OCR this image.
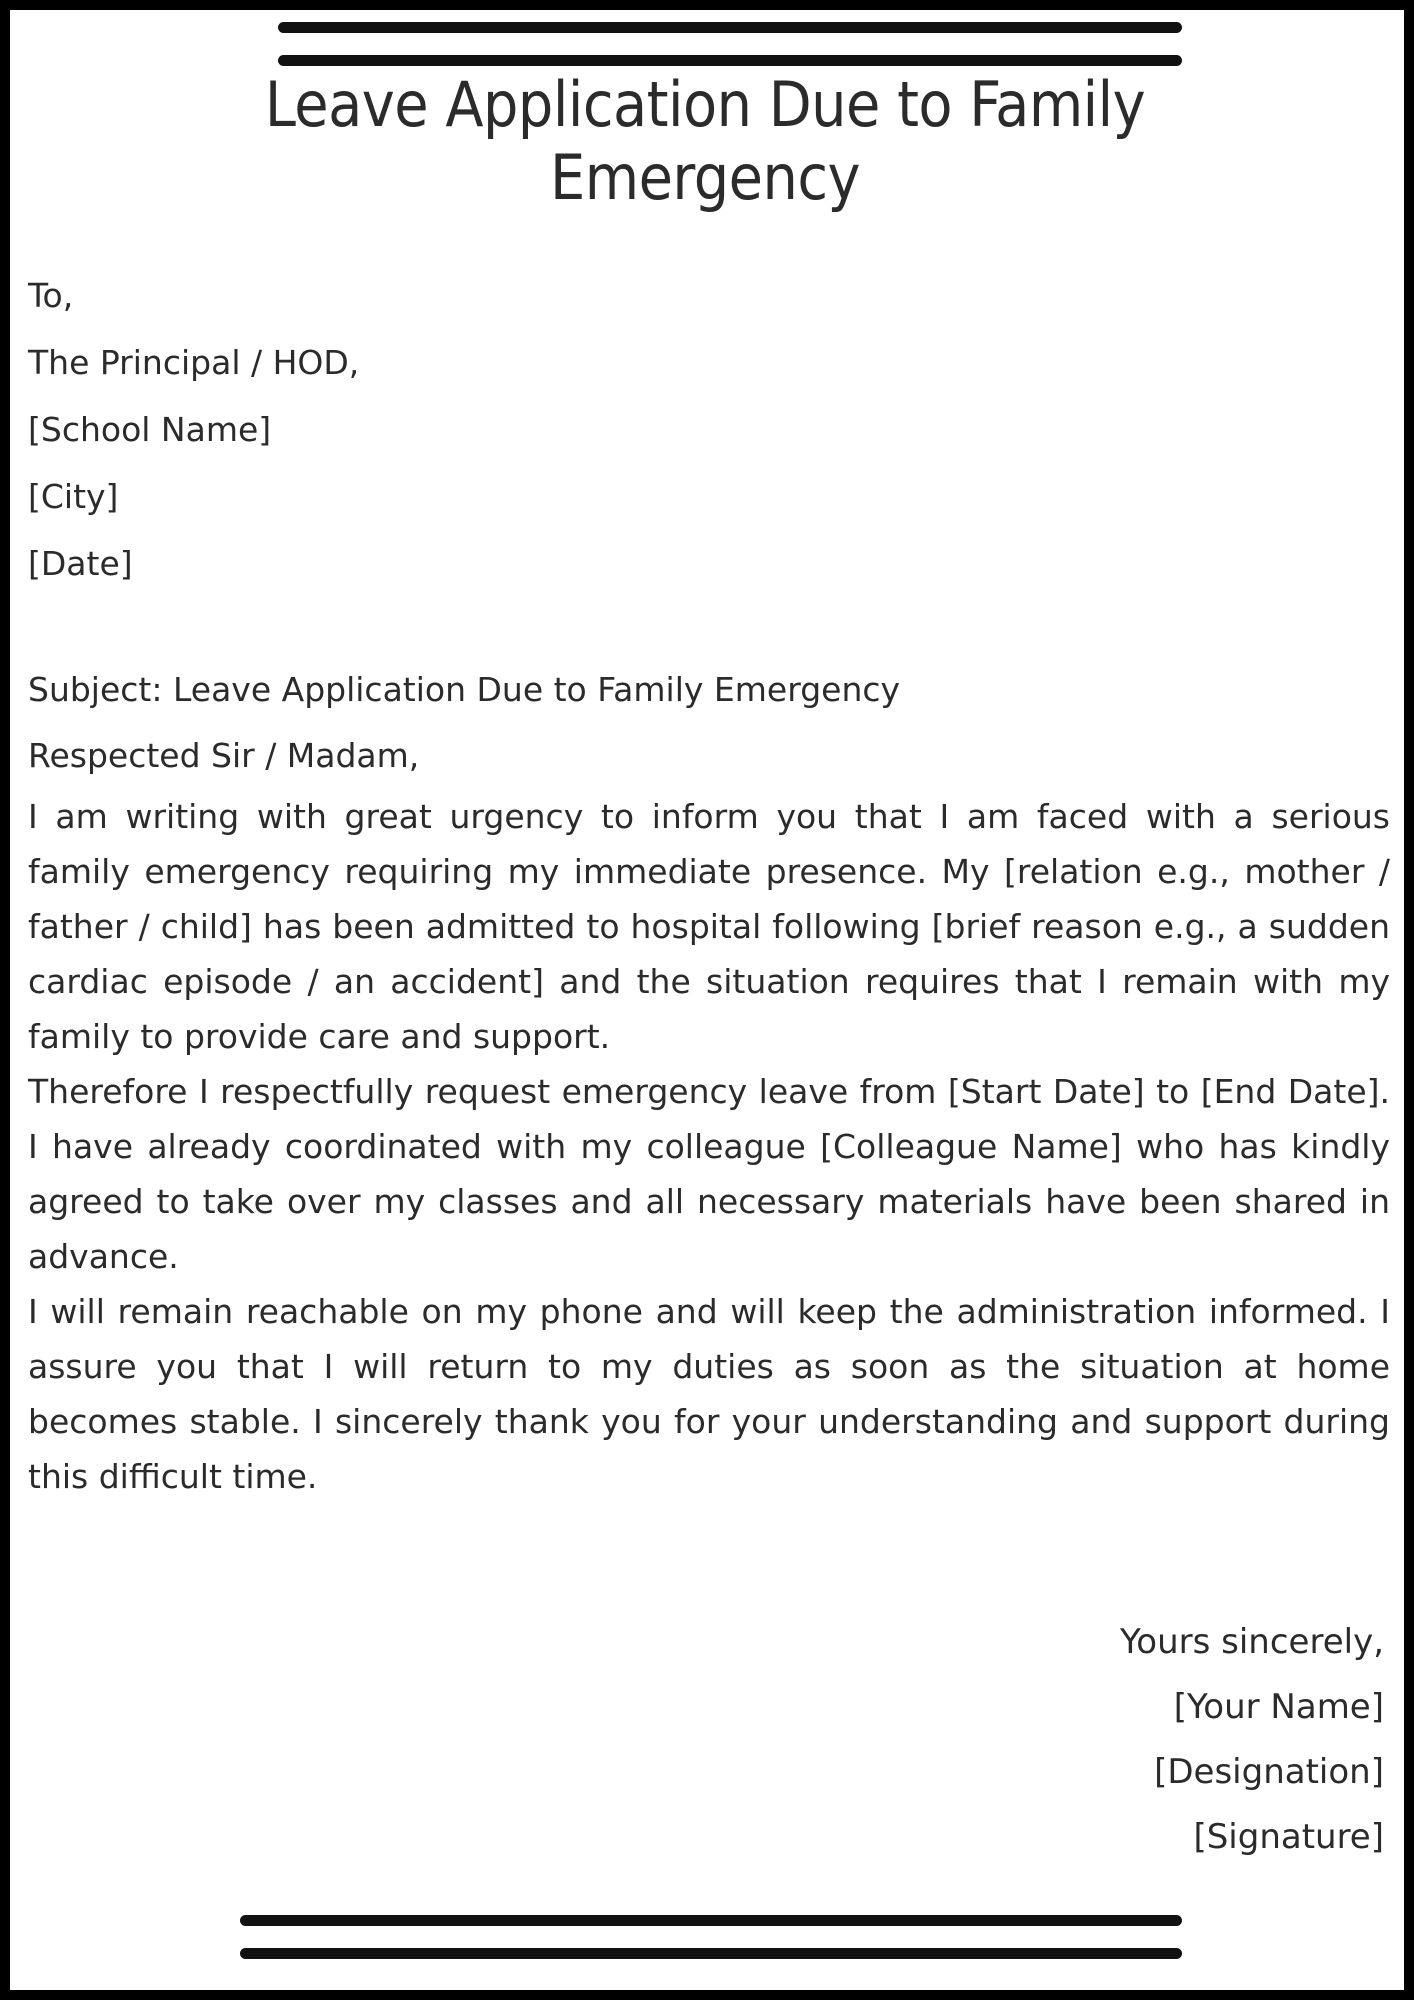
Leave Application Due to Family Emergency
To,
The Principal / HOD,
[School Name]
[City]
[Date]
Subject: Leave Application Due to Family Emergency
Respected Sir / Madam,

I am writing with great urgency to inform you that I am faced with a serious family emergency requiring my immediate presence. My [relation e.g., mother / father / child] has been admitted to hospital following [brief reason e.g., a sudden cardiac episode / an accident] and the situation requires that I remain with my family to provide care and support.

Therefore I respectfully request emergency leave from [Start Date] to [End Date]. I have already coordinated with my colleague [Colleague Name] who has kindly agreed to take over my classes and all necessary materials have been shared in advance.

I will remain reachable on my phone and will keep the administration informed. I assure you that I will return to my duties as soon as the situation at home becomes stable. I sincerely thank you for your understanding and support during this difficult time.

Yours sincerely,
[Your Name]
[Designation]
[Signature]
